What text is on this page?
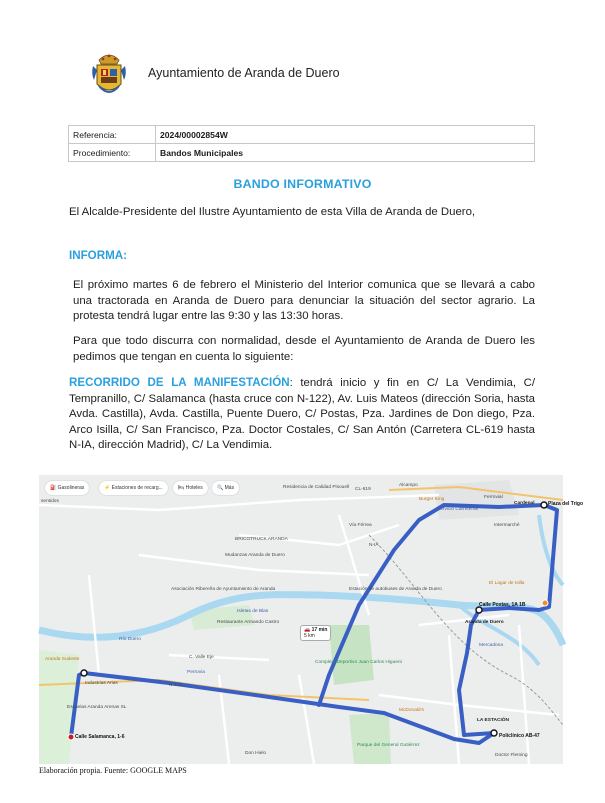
Ayuntamiento de Aranda de Duero
Referencia:	2024/00002854W
Procedimiento:	Bandos Municipales
BANDO INFORMATIVO
El Alcalde-Presidente del Ilustre Ayuntamiento de esta Villa de Aranda de Duero,
INFORMA:
El próximo martes 6 de febrero el Ministerio del Interior comunica que se llevará a cabo una tractorada en Aranda de Duero para denunciar la situación del sector agrario. La protesta tendrá lugar entre las 9:30 y las 13:30 horas.
Para que todo discurra con normalidad, desde el Ayuntamiento de Aranda de Duero les pedimos que tengan en cuenta lo siguiente:
RECORRIDO DE LA MANIFESTACIÓN: tendrá inicio y fin en C/ La Vendimia, C/ Tempranillo, C/ Salamanca (hasta cruce con N-122), Av. Luis Mateos (dirección Soria, hasta Avda. Castilla), Avda. Castilla, Puente Duero, C/ Postas, Pza. Jardines de Don diego, Pza. Arco Isilla, C/ San Francisco, Pza. Doctor Costales, C/ San Antón (Carretera CL-619 hasta N-IA, dirección Madrid), C/ La Vendimia.
⛽ Gasolineras	⚡ Estaciones de recarg...	🛏 Hoteles	🔍 Más
🚗 17 min
5 km
sentidos
Residencia de Calidad Pisouell	Alcampo
Burger King
Servicio Carreteras
Ferrovial
Vía Férrea	Intermarché
Cardenal
Mudanzas Aranda de Duero
BRICOTRUCK ARANDA
Isletas de Blas
Asociación Ribereña de Ayuntamiento de Aranda
Restaurante Armando Castro
Estación de autobuses de Aranda de Duero
El Lagar de Isilla
Aranda de Duero
Mercadona
Complejo Deportivo Juan Carlos Higuero
Perrovia
Aranda Sudeste
Escuelas Aranda Arenas SL
Industrias Arias
McDonald's
LA ESTACIÓN
Parque del General Gutiérrez
Don Hielo	Doctor Fleming
CL-619
N-122
Río Duero
C. Valle Eje
N-IA
Calle Salamanca, 1-6
Calle Postas, 1A 1B
Policlínico AB-47
Plaza del Trigo
Elaboración propia. Fuente: GOOGLE MAPS
